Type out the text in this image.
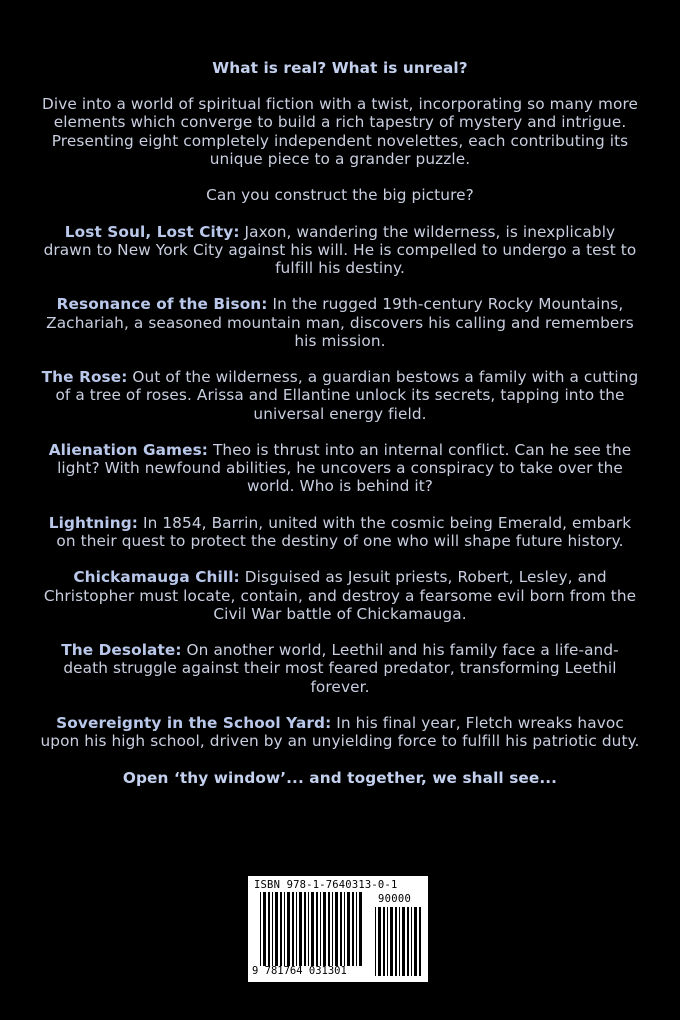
What is real? What is unreal?

Dive into a world of spiritual fiction with a twist, incorporating so many more elements which converge to build a rich tapestry of mystery and intrigue. Presenting eight completely independent novelettes, each contributing its unique piece to a grander puzzle.

Can you construct the big picture?

Lost Soul, Lost City: Jaxon, wandering the wilderness, is inexplicably drawn to New York City against his will. He is compelled to undergo a test to fulfill his destiny.

Resonance of the Bison: In the rugged 19th-century Rocky Mountains, Zachariah, a seasoned mountain man, discovers his calling and remembers his mission.

The Rose: Out of the wilderness, a guardian bestows a family with a cutting of a tree of roses. Arissa and Ellantine unlock its secrets, tapping into the universal energy field.

Alienation Games: Theo is thrust into an internal conflict. Can he see the light? With newfound abilities, he uncovers a conspiracy to take over the world. Who is behind it?

Lightning: In 1854, Barrin, united with the cosmic being Emerald, embark on their quest to protect the destiny of one who will shape future history.

Chickamauga Chill: Disguised as Jesuit priests, Robert, Lesley, and Christopher must locate, contain, and destroy a fearsome evil born from the Civil War battle of Chickamauga.

The Desolate: On another world, Leethil and his family face a life-and-death struggle against their most feared predator, transforming Leethil forever.

Sovereignty in the School Yard: In his final year, Fletch wreaks havoc upon his high school, driven by an unyielding force to fulfill his patriotic duty.

Open ‘thy window’... and together, we shall see...

ISBN 978-1-7640313-0-1
90000
9 781764 031301
